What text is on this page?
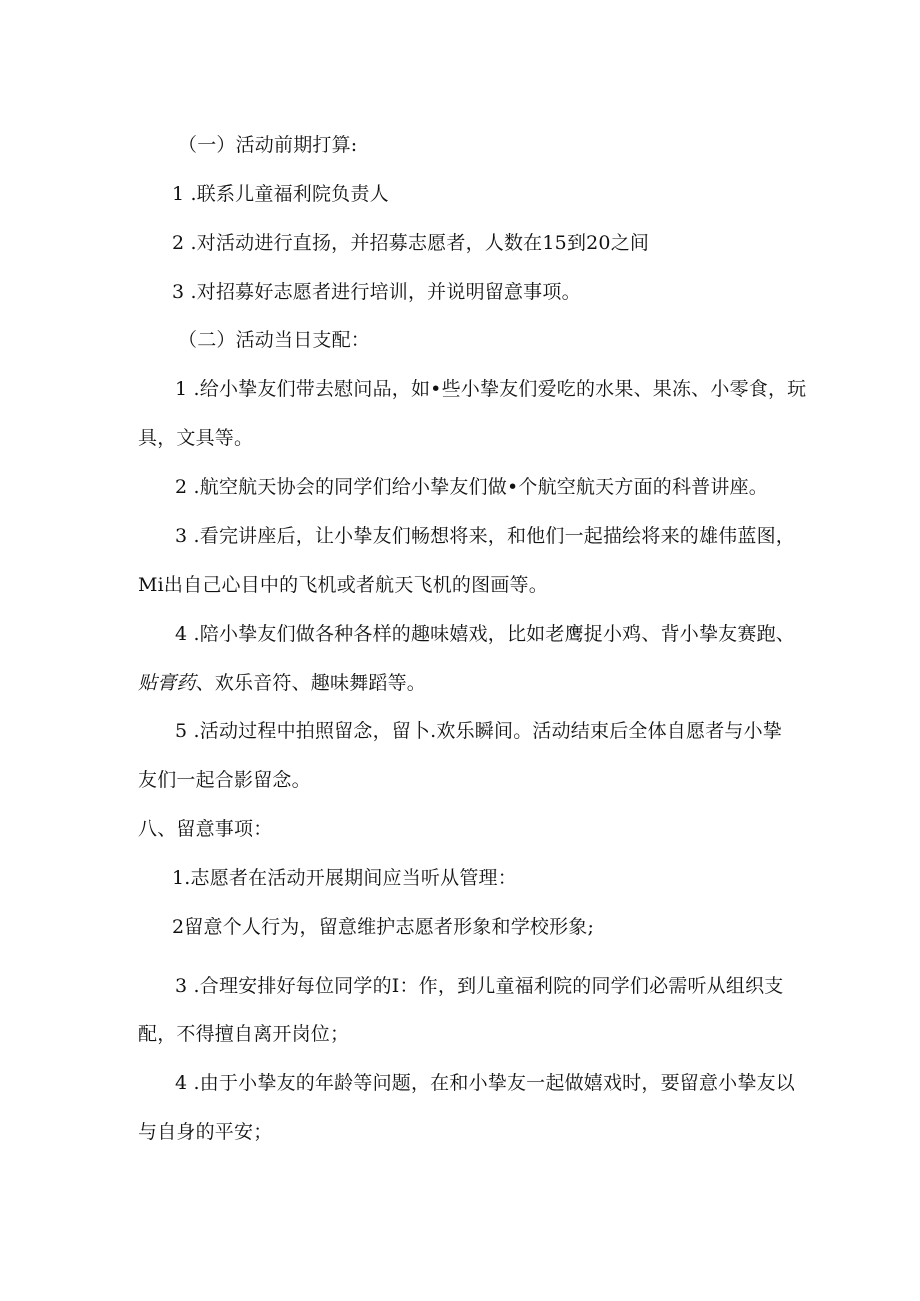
（一）活动前期打算:
1 .联系儿童福利院负责人
2 .对活动进行直扬，并招募志愿者，人数在15到20之间
3 .对招募好志愿者进行培训，并说明留意事项。
（二）活动当日支配：
1 .给小挚友们带去慰问品，如•些小挚友们爱吃的水果、果冻、小零食，玩
具，文具等。
2 .航空航天协会的同学们给小挚友们做•个航空航天方面的科普讲座。
3 .看完讲座后，让小挚友们畅想将来，和他们一起描绘将来的雄伟蓝图，
Mi出自己心目中的飞机或者航天飞机的图画等。
4 .陪小挚友们做各种各样的趣味嬉戏，比如老鹰捉小鸡、背小挚友赛跑、
贴膏药、欢乐音符、趣味舞蹈等。
5 .活动过程中拍照留念，留卜.欢乐瞬间。活动结束后全体自愿者与小挚
友们一起合影留念。
八、留意事项：
1.志愿者在活动开展期间应当听从管理：
2留意个人行为，留意维护志愿者形象和学校形象;
3 .合理安排好每位同学的I：作，到儿童福利院的同学们必需听从组织支
配，不得擅自离开岗位；
4 .由于小挚友的年龄等问题，在和小挚友一起做嬉戏时，要留意小挚友以
与自身的平安；
